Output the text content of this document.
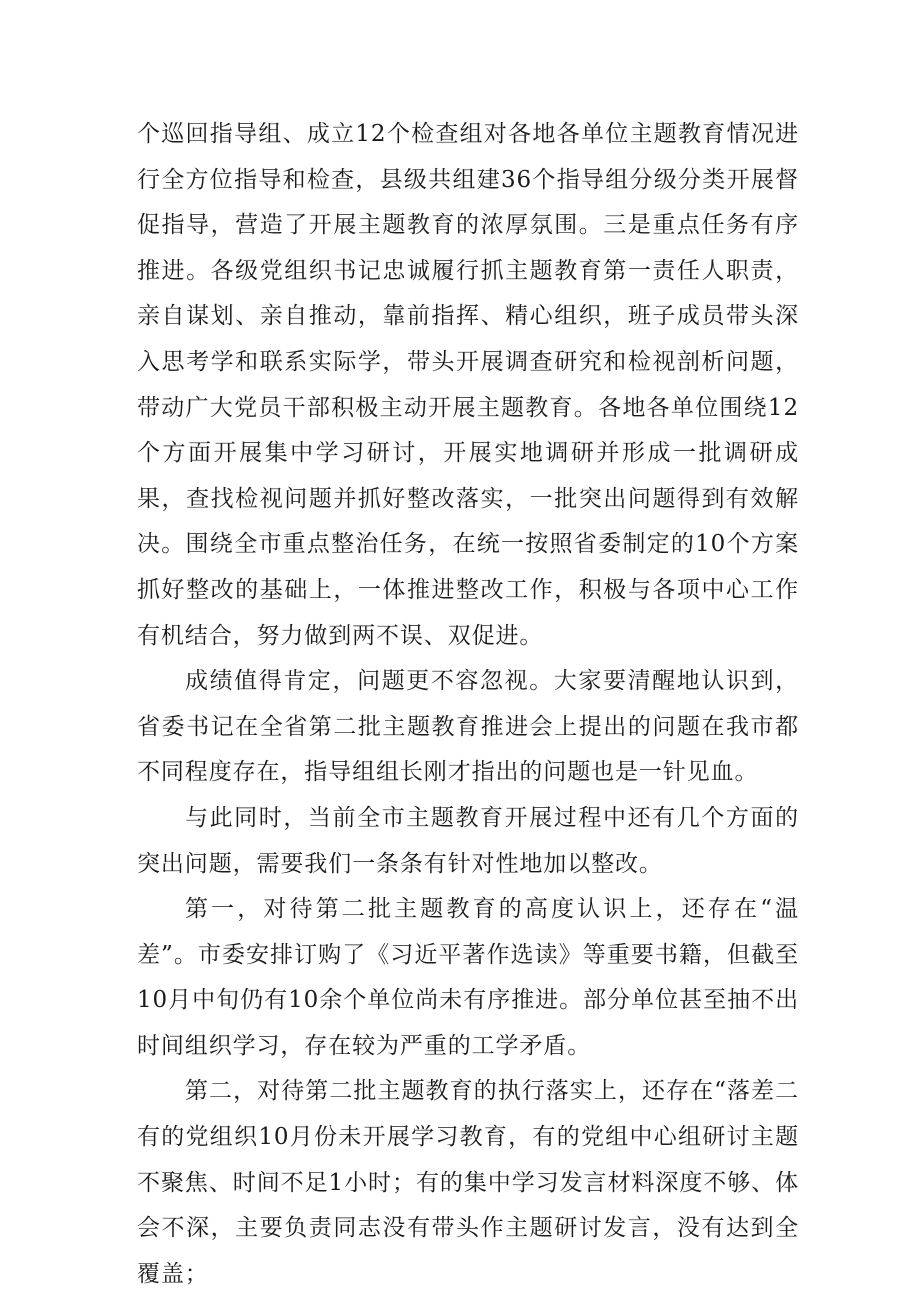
个巡回指导组、成立12个检查组对各地各单位主题教育情况进行全方位指导和检查，县级共组建36个指导组分级分类开展督促指导，营造了开展主题教育的浓厚氛围。三是重点任务有序推进。各级党组织书记忠诚履行抓主题教育第一责任人职责，亲自谋划、亲自推动，靠前指挥、精心组织，班子成员带头深入思考学和联系实际学，带头开展调查研究和检视剖析问题，带动广大党员干部积极主动开展主题教育。各地各单位围绕12个方面开展集中学习研讨，开展实地调研并形成一批调研成果，查找检视问题并抓好整改落实，一批突出问题得到有效解决。围绕全市重点整治任务，在统一按照省委制定的10个方案抓好整改的基础上，一体推进整改工作，积极与各项中心工作有机结合，努力做到两不误、双促进。

成绩值得肯定，问题更不容忽视。大家要清醒地认识到，省委书记在全省第二批主题教育推进会上提出的问题在我市都不同程度存在，指导组组长刚才指出的问题也是一针见血。

与此同时，当前全市主题教育开展过程中还有几个方面的突出问题，需要我们一条条有针对性地加以整改。

第一，对待第二批主题教育的高度认识上，还存在“温差”。市委安排订购了《习近平著作选读》等重要书籍，但截至10月中旬仍有10余个单位尚未有序推进。部分单位甚至抽不出时间组织学习，存在较为严重的工学矛盾。

第二，对待第二批主题教育的执行落实上，还存在“落差二有的党组织10月份未开展学习教育，有的党组中心组研讨主题不聚焦、时间不足1小时；有的集中学习发言材料深度不够、体会不深，主要负责同志没有带头作主题研讨发言，没有达到全覆盖；
